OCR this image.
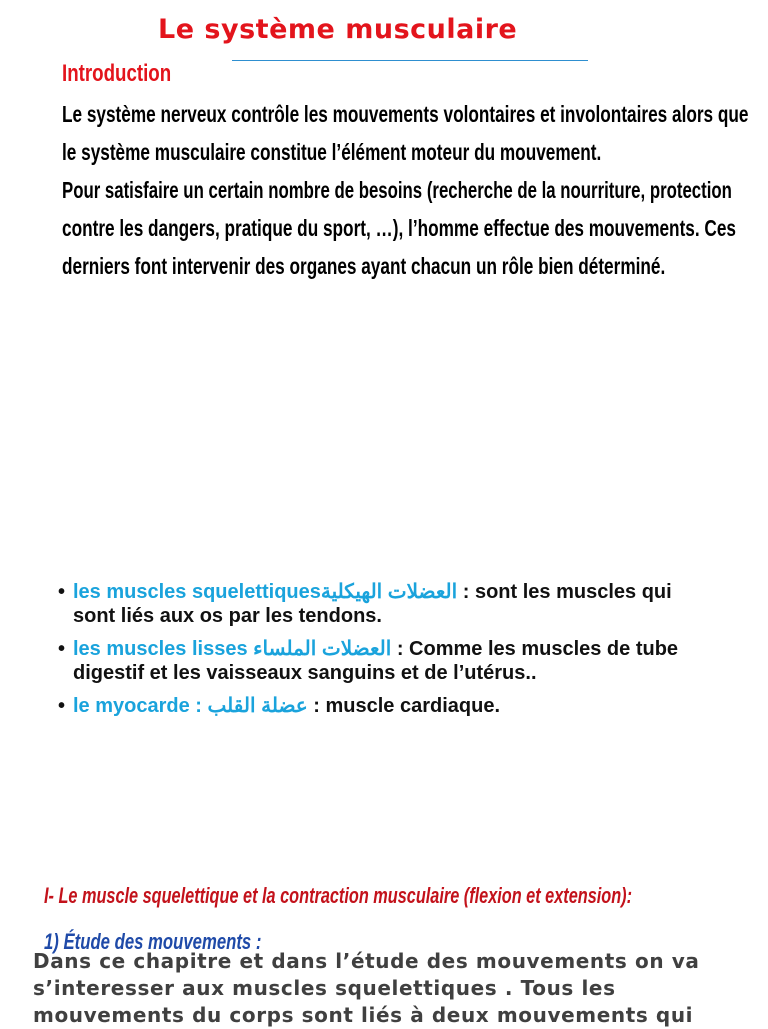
Le système musculaire
Introduction
Le système nerveux contrôle les mouvements volontaires et involontaires alors que
le système musculaire constitue l’élément moteur du mouvement.
Pour satisfaire un certain nombre de besoins (recherche de la nourriture, protection
contre les dangers, pratique du sport, …), l’homme effectue des mouvements. Ces
derniers font intervenir des organes ayant chacun un rôle bien déterminé.
• les muscles squelettiquesالعضلات الهيكلية : sont les muscles qui sont liés aux os par les tendons.
• les muscles lisses العضلات الملساء : Comme les muscles de tube digestif et les vaisseaux sanguins et de l’utérus..
• le myocarde : عضلة القلب : muscle cardiaque.
I- Le muscle squelettique et la contraction musculaire (flexion et extension):
Dans ce chapitre et dans l’étude des mouvements on va
s’interesser aux muscles squelettiques . Tous les
mouvements du corps sont liés à deux mouvements qui
1) Étude des mouvements :
